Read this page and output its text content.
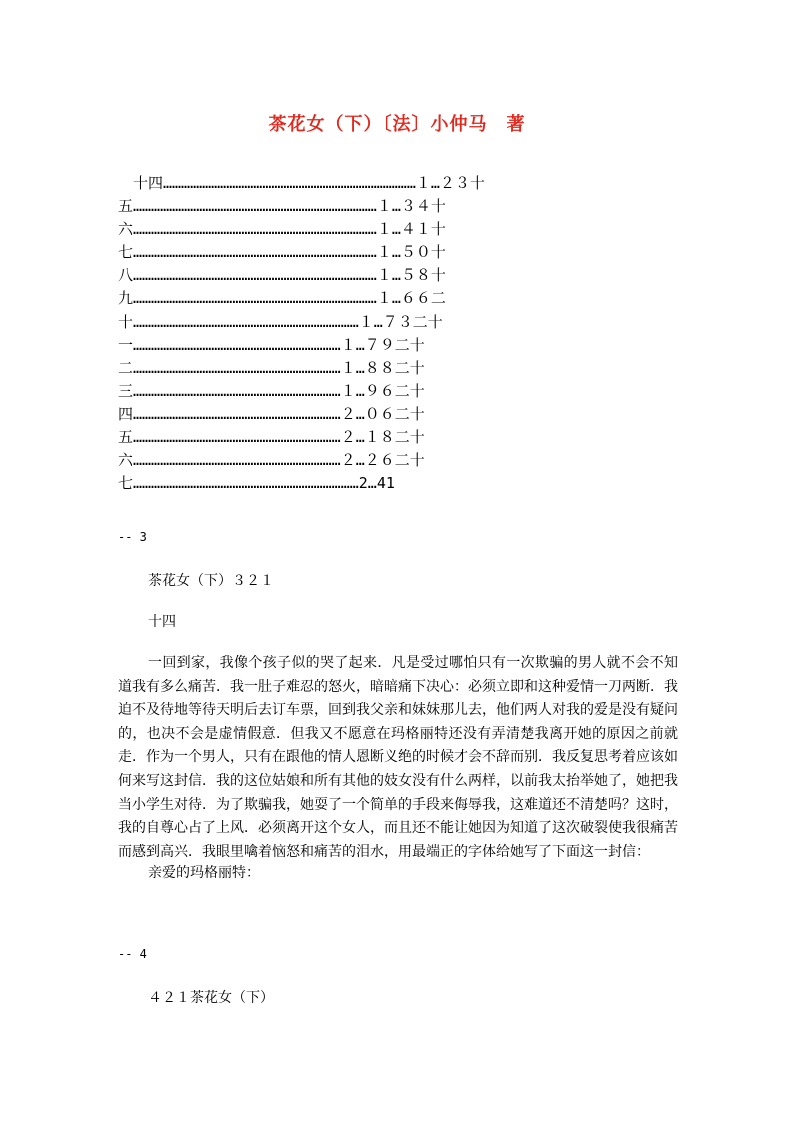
茶花女（下）〔法〕小仲马　著
　十四…………………………………………………………………………１…２３十
五………………………………………………………………………１…３４十
六………………………………………………………………………１…４１十
七………………………………………………………………………１…５０十
八………………………………………………………………………１…５８十
九………………………………………………………………………１…６６二
十…………………………………………………………………１…７３二十
一……………………………………………………………１…７９二十
二……………………………………………………………１…８８二十
三……………………………………………………………１…９６二十
四……………………………………………………………２…０６二十
五……………………………………………………………２…１８二十
六……………………………………………………………２…２６二十
七…………………………………………………………………2…41
-- 3
茶花女（下）３２１
十四
一回到家，我像个孩子似的哭了起来．凡是受过哪怕只有一次欺骗的男人就不会不知道我有多么痛苦．我一肚子难忍的怒火，暗暗痛下决心：必须立即和这种爱情一刀两断．我迫不及待地等待天明后去订车票，回到我父亲和妹妹那儿去，他们两人对我的爱是没有疑问的，也决不会是虚情假意．但我又不愿意在玛格丽特还没有弄清楚我离开她的原因之前就走．作为一个男人，只有在跟他的情人恩断义绝的时候才会不辞而别．我反复思考着应该如何来写这封信．我的这位姑娘和所有其他的妓女没有什么两样，以前我太抬举她了，她把我当小学生对待．为了欺骗我，她耍了一个简单的手段来侮辱我，这难道还不清楚吗？这时，我的自尊心占了上风．必须离开这个女人，而且还不能让她因为知道了这次破裂使我很痛苦而感到高兴．我眼里噙着恼怒和痛苦的泪水，用最端正的字体给她写了下面这一封信：
亲爱的玛格丽特：
-- 4
４２１茶花女（下）
